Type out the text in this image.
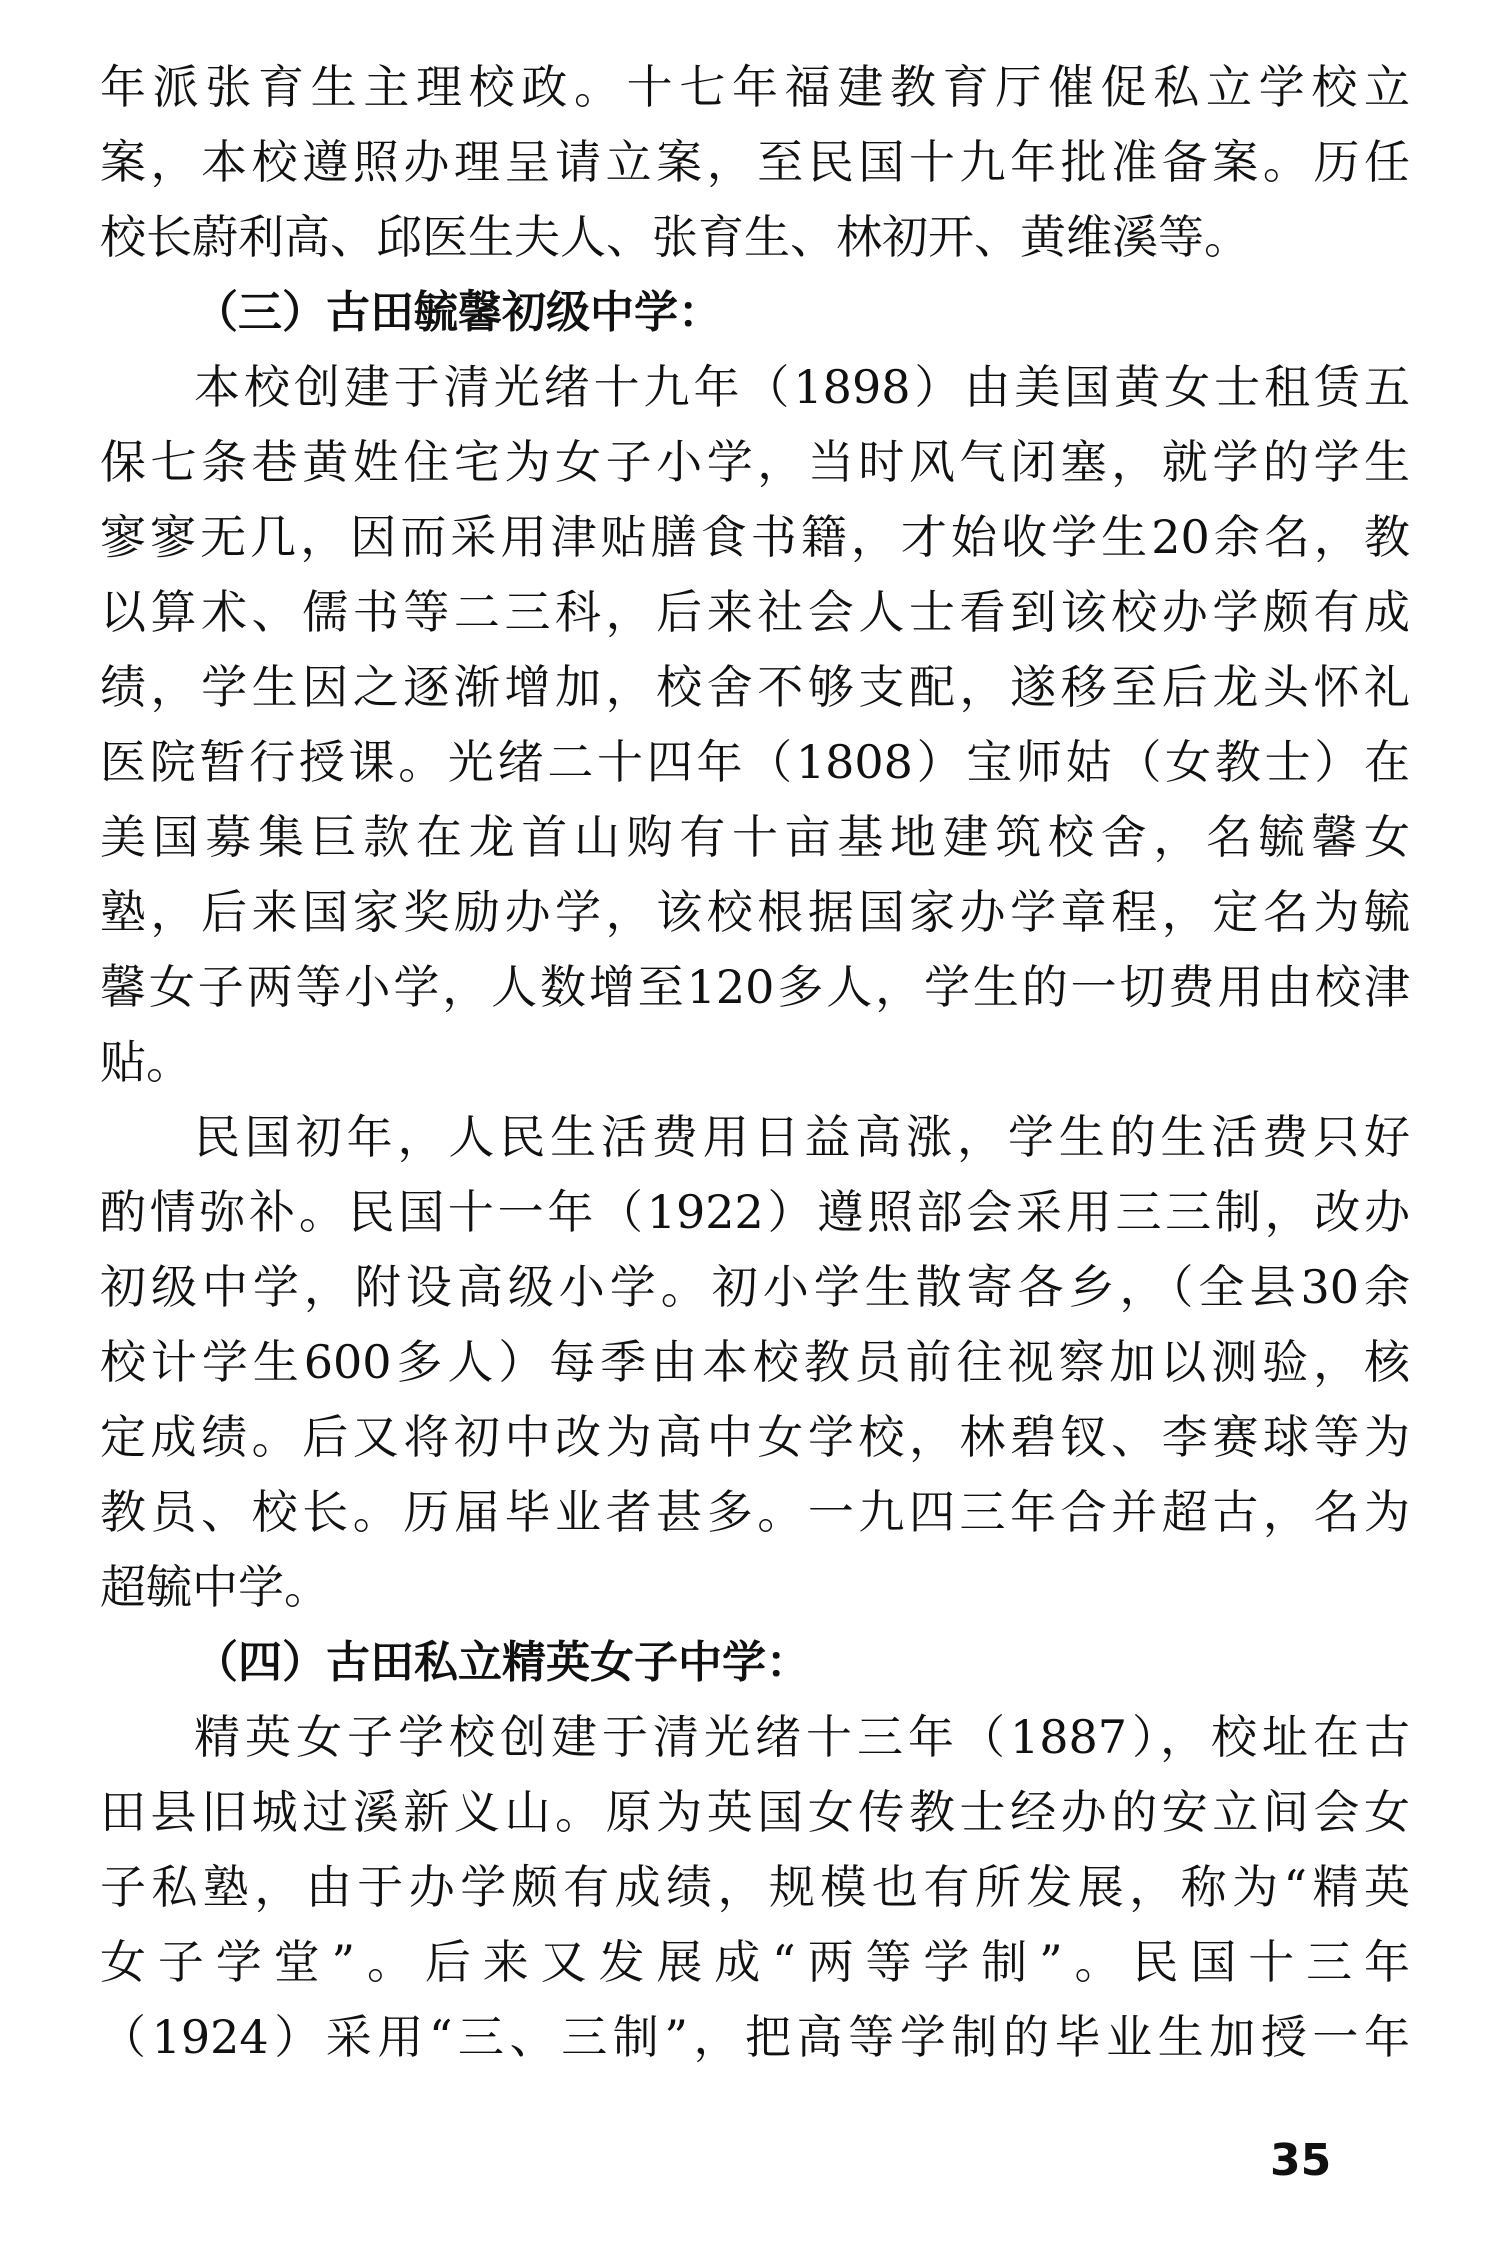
年派张育生主理校政。十七年福建教育厅催促私立学校立
案，本校遵照办理呈请立案，至民国十九年批准备案。历任
校长蔚利高、邱医生夫人、张育生、林初开、黄维溪等。
（三）古田毓馨初级中学：
本校创建于清光绪十九年（1898）由美国黄女士租赁五
保七条巷黄姓住宅为女子小学，当时风气闭塞，就学的学生
寥寥无几，因而采用津贴膳食书籍，才始收学生20余名，教
以算术、儒书等二三科，后来社会人士看到该校办学颇有成
绩，学生因之逐渐增加，校舍不够支配，遂移至后龙头怀礼
医院暂行授课。光绪二十四年（1808）宝师姑（女教士）在
美国募集巨款在龙首山购有十亩基地建筑校舍，名毓馨女
塾，后来国家奖励办学，该校根据国家办学章程，定名为毓
馨女子两等小学，人数增至120多人，学生的一切费用由校津
贴。
民国初年，人民生活费用日益高涨，学生的生活费只好
酌情弥补。民国十一年（1922）遵照部会采用三三制，改办
初级中学，附设高级小学。初小学生散寄各乡，（全县30余
校计学生600多人）每季由本校教员前往视察加以测验，核
定成绩。后又将初中改为高中女学校，林碧钗、李赛球等为
教员、校长。历届毕业者甚多。一九四三年合并超古，名为
超毓中学。
（四）古田私立精英女子中学：
精英女子学校创建于清光绪十三年（1887），校址在古
田县旧城过溪新义山。原为英国女传教士经办的安立间会女
子私塾，由于办学颇有成绩，规模也有所发展，称为“精英
女子学堂”。后来又发展成“两等学制”。民国十三年
（1924）采用“三、三制”，把高等学制的毕业生加授一年
35
